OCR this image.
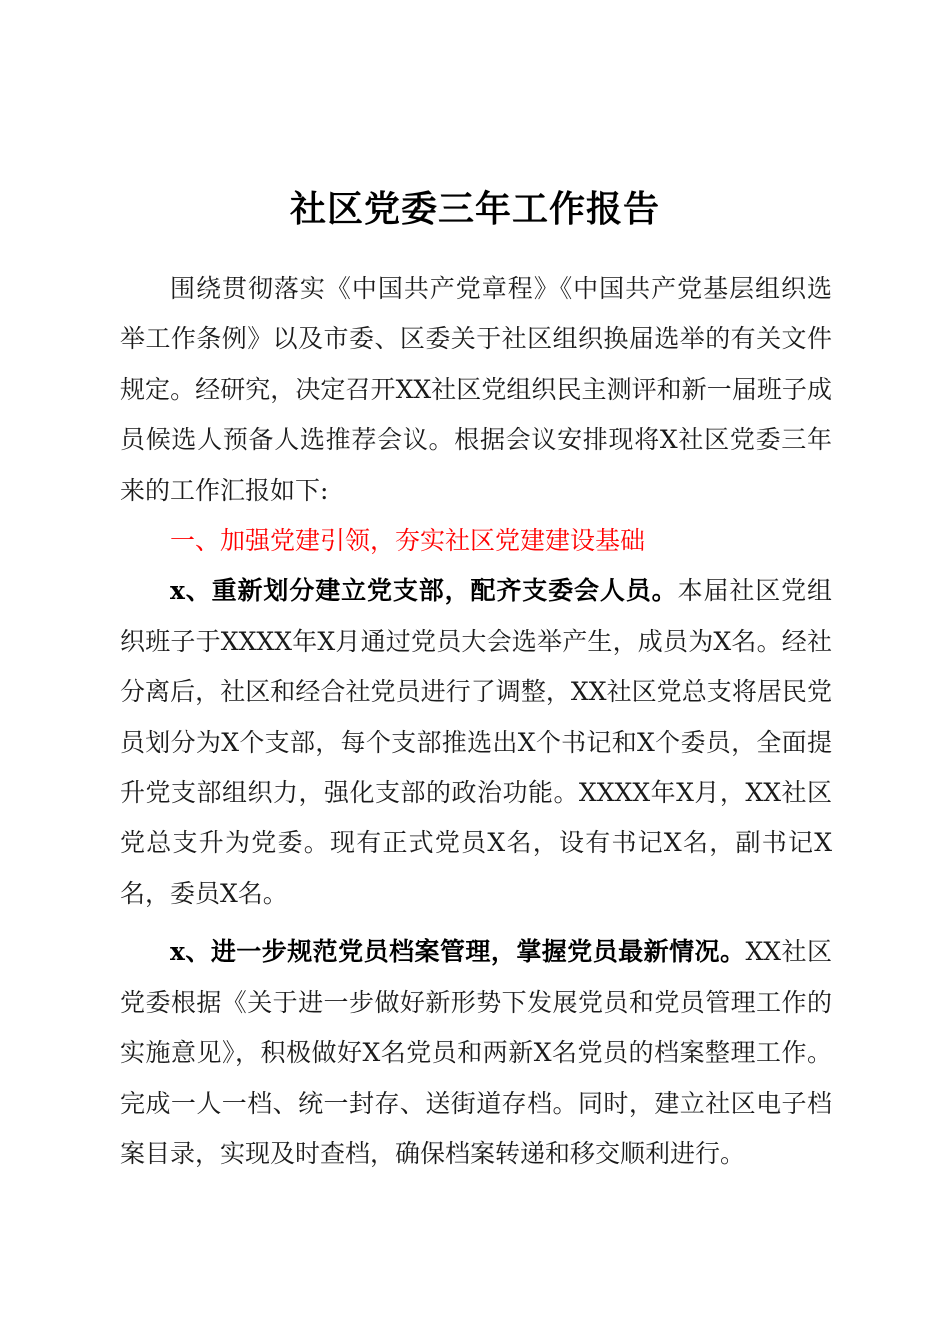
社区党委三年工作报告

围绕贯彻落实《中国共产党章程》《中国共产党基层组织选举工作条例》以及市委、区委关于社区组织换届选举的有关文件规定。经研究，决定召开XX社区党组织民主测评和新一届班子成员候选人预备人选推荐会议。根据会议安排现将X社区党委三年来的工作汇报如下:

一、加强党建引领，夯实社区党建建设基础

x、重新划分建立党支部，配齐支委会人员。本届社区党组织班子于XXXX年X月通过党员大会选举产生，成员为X名。经社分离后，社区和经合社党员进行了调整，XX社区党总支将居民党员划分为X个支部，每个支部推选出X个书记和X个委员，全面提升党支部组织力，强化支部的政治功能。XXXX年X月，XX社区党总支升为党委。现有正式党员X名，设有书记X名，副书记X名，委员X名。

x、进一步规范党员档案管理，掌握党员最新情况。XX社区党委根据《关于进一步做好新形势下发展党员和党员管理工作的实施意见》，积极做好X名党员和两新X名党员的档案整理工作。完成一人一档、统一封存、送街道存档。同时，建立社区电子档案目录，实现及时查档，确保档案转递和移交顺利进行。
